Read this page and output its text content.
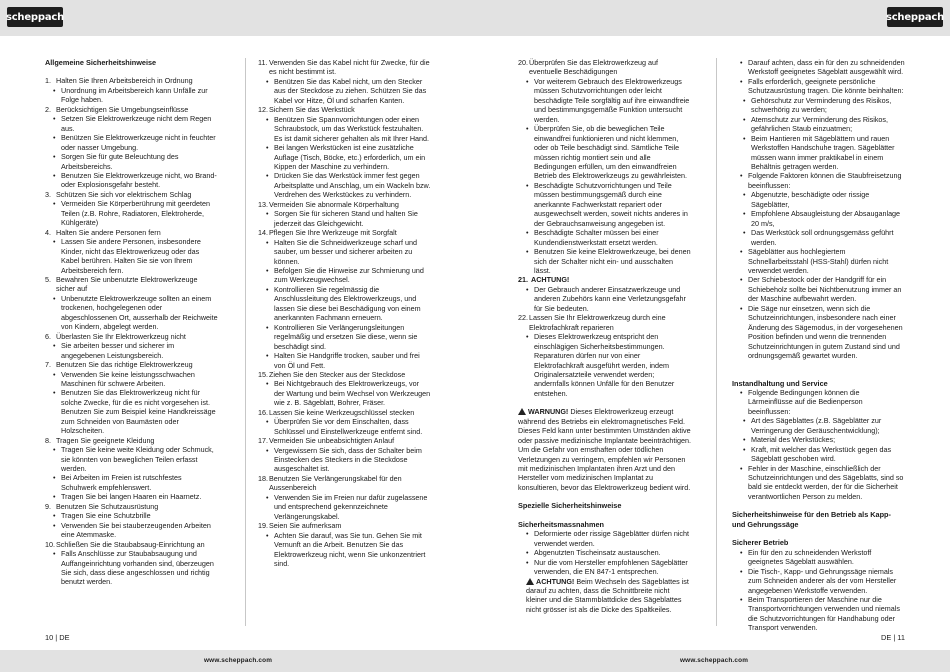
scheppach	scheppach

Allgemeine Sicherheitshinweise

1. Halten Sie Ihren Arbeitsbereich in Ordnung
• Unordnung im Arbeitsbereich kann Unfälle zur Folge haben.
2. Berücksichtigen Sie Umgebungseinflüsse
• Setzen Sie Elektrowerkzeuge nicht dem Regen aus.
• Benützen Sie Elektrowerkzeuge nicht in feuchter oder nasser Umgebung.
• Sorgen Sie für gute Beleuchtung des Arbeitsbereichs.
• Benutzen Sie Elektrowerkzeuge nicht, wo Brand- oder Explosionsgefahr besteht.
3. Schützen Sie sich vor elektrischem Schlag
• Vermeiden Sie Körperberührung mit geerdeten Teilen (z.B. Rohre, Radiatoren, Elektroherde, Kühlgeräte)
4. Halten Sie andere Personen fern
• Lassen Sie andere Personen, insbesondere Kinder, nicht das Elektrowerkzeug oder das Kabel berühren. Halten Sie sie von Ihrem Arbeitsbereich fern.
5. Bewahren Sie unbenutzte Elektrowerkzeuge sicher auf
• Unbenutzte Elektrowerkzeuge sollten an einem trockenen, hochgelegenen oder abgeschlossenen Ort, ausserhalb der Reichweite von Kindern, abgelegt werden.
6. Überlasten Sie Ihr Elektrowerkzeug nicht
• Sie arbeiten besser und sicherer im angegebenen Leistungsbereich.
7. Benutzen Sie das richtige Elektrowerkzeug
• Verwenden Sie keine leistungsschwachen Maschinen für schwere Arbeiten.
• Benutzen Sie das Elektrowerkzeug nicht für solche Zwecke, für die es nicht vorgesehen ist. Benutzen Sie zum Beispiel keine Handkreissäge zum Schneiden von Baumästen oder Holzscheiten.
8. Tragen Sie geeignete Kleidung
• Tragen Sie keine weite Kleidung oder Schmuck, sie könnten von beweglichen Teilen erfasst werden.
• Bei Arbeiten im Freien ist rutschfestes Schuhwerk empfehlenswert.
• Tragen Sie bei langen Haaren ein Haarnetz.
9. Benutzen Sie Schutzausrüstung
• Tragen Sie eine Schutzbrille
• Verwenden Sie bei stauberzeugenden Arbeiten eine Atemmaske.
10. Schließen Sie die Staubabsaug-Einrichtung an
• Falls Anschlüsse zur Staubabsaugung und Auffangeinrichtung vorhanden sind, überzeugen Sie sich, dass diese angeschlossen und richtig benutzt werden.
11. Verwenden Sie das Kabel nicht für Zwecke, für die es nicht bestimmt ist.
• Benützen Sie das Kabel nicht, um den Stecker aus der Steckdose zu ziehen. Schützen Sie das Kabel vor Hitze, Öl und scharfen Kanten.
12. Sichern Sie das Werkstück
• Benützen Sie Spannvorrichtungen oder einen Schraubstock, um das Werkstück festzuhalten. Es ist damit sicherer gehalten als mit Ihrer Hand.
• Bei langen Werkstücken ist eine zusätzliche Auflage (Tisch, Böcke, etc.) erforderlich, um ein Kippen der Maschine zu verhindern.
• Drücken Sie das Werkstück immer fest gegen Arbeitsplatte und Anschlag, um ein Wackeln bzw. Verdrehen des Werkstückes zu verhindern.
13. Vermeiden Sie abnormale Körperhaltung
• Sorgen Sie für sicheren Stand und halten Sie jederzeit das Gleichgewicht.
14. Pflegen Sie Ihre Werkzeuge mit Sorgfalt
• Halten Sie die Schneidwerkzeuge scharf und sauber, um besser und sicherer arbeiten zu können.
• Befolgen Sie die Hinweise zur Schmierung und zum Werkzeugwechsel.
• Kontrollieren Sie regelmässig die Anschlussleitung des Elektrowerkzeugs, und lassen Sie diese bei Beschädigung von einem anerkannten Fachmann erneuern.
• Kontrollieren Sie Verlängerungsleitungen regelmäßig und ersetzen Sie diese, wenn sie beschädigt sind.
• Halten Sie Handgriffe trocken, sauber und frei von Öl und Fett.
15. Ziehen Sie den Stecker aus der Steckdose
• Bei Nichtgebrauch des Elektrowerkzeugs, vor der Wartung und beim Wechsel von Werkzeugen wie z. B. Sägeblatt, Bohrer, Fräser.
16. Lassen Sie keine Werkzeugschlüssel stecken
• Überprüfen Sie vor dem Einschalten, dass Schlüssel und Einstellwerkzeuge entfernt sind.
17. Vermeiden Sie unbeabsichtigten Anlauf
• Vergewissern Sie sich, dass der Schalter beim Einstecken des Steckers in die Steckdose ausgeschaltet ist.
18. Benutzen Sie Verlängerungskabel für den Aussenbereich
• Verwenden Sie im Freien nur dafür zugelassene und entsprechend gekennzeichnete Verlängerungskabel.
19. Seien Sie aufmerksam
• Achten Sie darauf, was Sie tun. Gehen Sie mit Vernunft an die Arbeit. Benutzen Sie das Elektrowerkzeug nicht, wenn Sie unkonzentriert sind.
20. Überprüfen Sie das Elektrowerkzeug auf eventuelle Beschädigungen
• Vor weiterem Gebrauch des Elektrowerkzeugs müssen Schutzvorrichtungen oder leicht beschädigte Teile sorgfältig auf ihre einwandfreie und bestimmungsgemäße Funktion untersucht werden.
• Überprüfen Sie, ob die beweglichen Teile einwandfrei funktionieren und nicht klemmen, oder ob Teile beschädigt sind. Sämtliche Teile müssen richtig montiert sein und alle Bedingungen erfüllen, um den einwandfreien Betrieb des Elektrowerkzeugs zu gewährleisten.
• Beschädigte Schutzvorrichtungen und Teile müssen bestimmungsgemäß durch eine anerkannte Fachwerkstatt repariert oder ausgewechselt werden, soweit nichts anderes in der Gebrauchsanweisung angegeben ist.
• Beschädigte Schalter müssen bei einer Kundendienstwerkstatt ersetzt werden.
• Benutzen Sie keine Elektrowerkzeuge, bei denen sich der Schalter nicht ein- und ausschalten lässt.
21. ACHTUNG!
• Der Gebrauch anderer Einsatzwerkzeuge und anderen Zubehörs kann eine Verletzungsgefahr für Sie bedeuten.
22. Lassen Sie Ihr Elektrowerkzeug durch eine Elektrofachkraft reparieren
• Dieses Elektrowerkzeug entspricht den einschlägigen Sicherheitsbestimmungen. Reparaturen dürfen nur von einer Elektrofachkraft ausgeführt werden, indem Originalersatzteile verwendet werden; andernfalls können Unfälle für den Benutzer entstehen.

WARNUNG! Dieses Elektrowerkzeug erzeugt während des Betriebs ein elektromagnetisches Feld. Dieses Feld kann unter bestimmten Umständen aktive oder passive medizinische Implantate beeinträchtigen. Um die Gefahr von ernsthaften oder tödlichen Verletzungen zu verringern, empfehlen wir Personen mit medizinischen Implantaten ihren Arzt und den Hersteller vom medizinischen Implantat zu konsultieren, bevor das Elektrowerkzeug bedient wird.

Spezielle Sicherheitshinweise

Sicherheitsmassnahmen

• Deformierte oder rissige Sägeblätter dürfen nicht verwendet werden.
• Abgenutzten Tischeinsatz austauschen.
• Nur die vom Hersteller empfohlenen Sägeblätter verwenden, die EN 847-1 entsprechen.

ACHTUNG! Beim Wechseln des Sägeblattes ist darauf zu achten, dass die Schnittbreite nicht kleiner und die Stammblattdicke des Sägeblattes nicht grösser ist als die Dicke des Spaltkeiles.

• Darauf achten, dass ein für den zu schneidenden Werkstoff geeignetes Sägeblatt ausgewählt wird.
• Falls erforderlich, geeignete persönliche Schutzausrüstung tragen. Die könnte beinhalten:
• Gehörschutz zur Verminderung des Risikos, schwerhörig zu werden;
• Atemschutz zur Verminderung des Risikos, gefährlichen Staub einzuatmen;
• Beim Hantieren mit Sägeblättern und rauen Werkstoffen Handschuhe tragen. Sägeblätter müssen wann immer praktikabel in einem Behältnis getragen werden.
• Folgende Faktoren können die Staubfreisetzung beeinflussen:
• Abgenutzte, beschädigte oder rissige Sägeblätter,
• Empfohlene Absaugleistung der Absauganlage 20 m/s,
• Das Werkstück soll ordnungsgemäss geführt werden.
• Sägeblätter aus hochlegiertem Schnellarbeitsstahl (HSS-Stahl) dürfen nicht verwendet werden.
• Der Schiebestock oder der Handgriff für ein Schiebeholz sollte bei Nichtbenutzung immer an der Maschine aufbewahrt werden.
• Die Säge nur einsetzen, wenn sich die Schutzeinrichtungen, insbesondere nach einer Änderung des Sägemodus, in der vorgesehenen Position befinden und wenn die trennenden Schutzeinrichtungen in gutem Zustand sind und ordnungsgemäß gewartet wurden.

Instandhaltung und Service

• Folgende Bedingungen können die Lärmeinflüsse auf die Bedienperson beeinflussen:
• Art des Sägeblattes (z.B. Sägeblätter zur Verringerung der Geräuschentwicklung);
• Material des Werkstückes;
• Kraft, mit welcher das Werkstück gegen das Sägeblatt geschoben wird.
• Fehler in der Maschine, einschließlich der Schutzeinrichtungen und des Sägeblatts, sind so bald sie entdeckt werden, der für die Sicherheit verantwortlichen Person zu melden.

Sicherheitshinweise für den Betrieb als Kapp- und Gehrungssäge

Sicherer Betrieb

• Ein für den zu schneidenden Werkstoff geeignetes Sägeblatt auswählen.
• Die Tisch-, Kapp- und Gehrungssäge niemals zum Schneiden anderer als der vom Hersteller angegebenen Werkstoffe verwenden.
• Beim Transportieren der Maschine nur die Transportvorrichtungen verwenden und niemals die Schutzvorrichtungen für Handhabung oder Transport verwenden.
10 | DE	DE | 11
www.scheppach.com	www.scheppach.com
